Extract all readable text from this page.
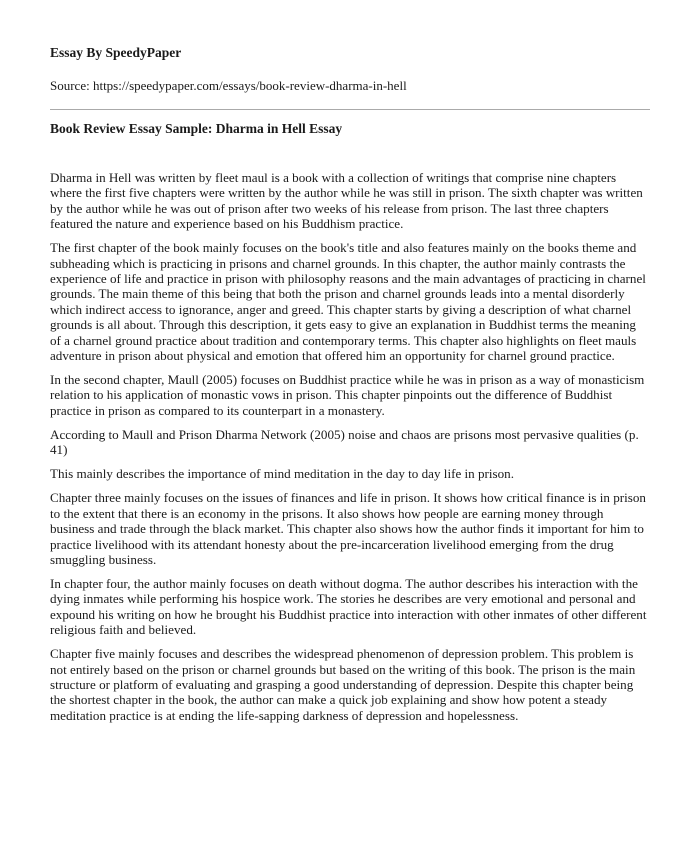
Essay By SpeedyPaper

Source: https://speedypaper.com/essays/book-review-dharma-in-hell

Book Review Essay Sample: Dharma in Hell Essay

Dharma in Hell was written by fleet maul is a book with a collection of writings that comprise nine chapters where the first five chapters were written by the author while he was still in prison. The sixth chapter was written by the author while he was out of prison after two weeks of his release from prison. The last three chapters featured the nature and experience based on his Buddhism practice.

The first chapter of the book mainly focuses on the book's title and also features mainly on the books theme and subheading which is practicing in prisons and charnel grounds. In this chapter, the author mainly contrasts the experience of life and practice in prison with philosophy reasons and the main advantages of practicing in charnel grounds. The main theme of this being that both the prison and charnel grounds leads into a mental disorderly which indirect access to ignorance, anger and greed. This chapter starts by giving a description of what charnel grounds is all about. Through this description, it gets easy to give an explanation in Buddhist terms the meaning of a charnel ground practice about tradition and contemporary terms. This chapter also highlights on fleet mauls adventure in prison about physical and emotion that offered him an opportunity for charnel ground practice.

In the second chapter, Maull (2005) focuses on Buddhist practice while he was in prison as a way of monasticism relation to his application of monastic vows in prison. This chapter pinpoints out the difference of Buddhist practice in prison as compared to its counterpart in a monastery.

According to Maull and Prison Dharma Network (2005) noise and chaos are prisons most pervasive qualities (p. 41)

This mainly describes the importance of mind meditation in the day to day life in prison.

Chapter three mainly focuses on the issues of finances and life in prison. It shows how critical finance is in prison to the extent that there is an economy in the prisons. It also shows how people are earning money through business and trade through the black market. This chapter also shows how the author finds it important for him to practice livelihood with its attendant honesty about the pre-incarceration livelihood emerging from the drug smuggling business.

In chapter four, the author mainly focuses on death without dogma. The author describes his interaction with the dying inmates while performing his hospice work. The stories he describes are very emotional and personal and expound his writing on how he brought his Buddhist practice into interaction with other inmates of other different religious faith and believed.

Chapter five mainly focuses and describes the widespread phenomenon of depression problem. This problem is not entirely based on the prison or charnel grounds but based on the writing of this book. The prison is the main structure or platform of evaluating and grasping a good understanding of depression. Despite this chapter being the shortest chapter in the book, the author can make a quick job explaining and show how potent a steady meditation practice is at ending the life-sapping darkness of depression and hopelessness.
